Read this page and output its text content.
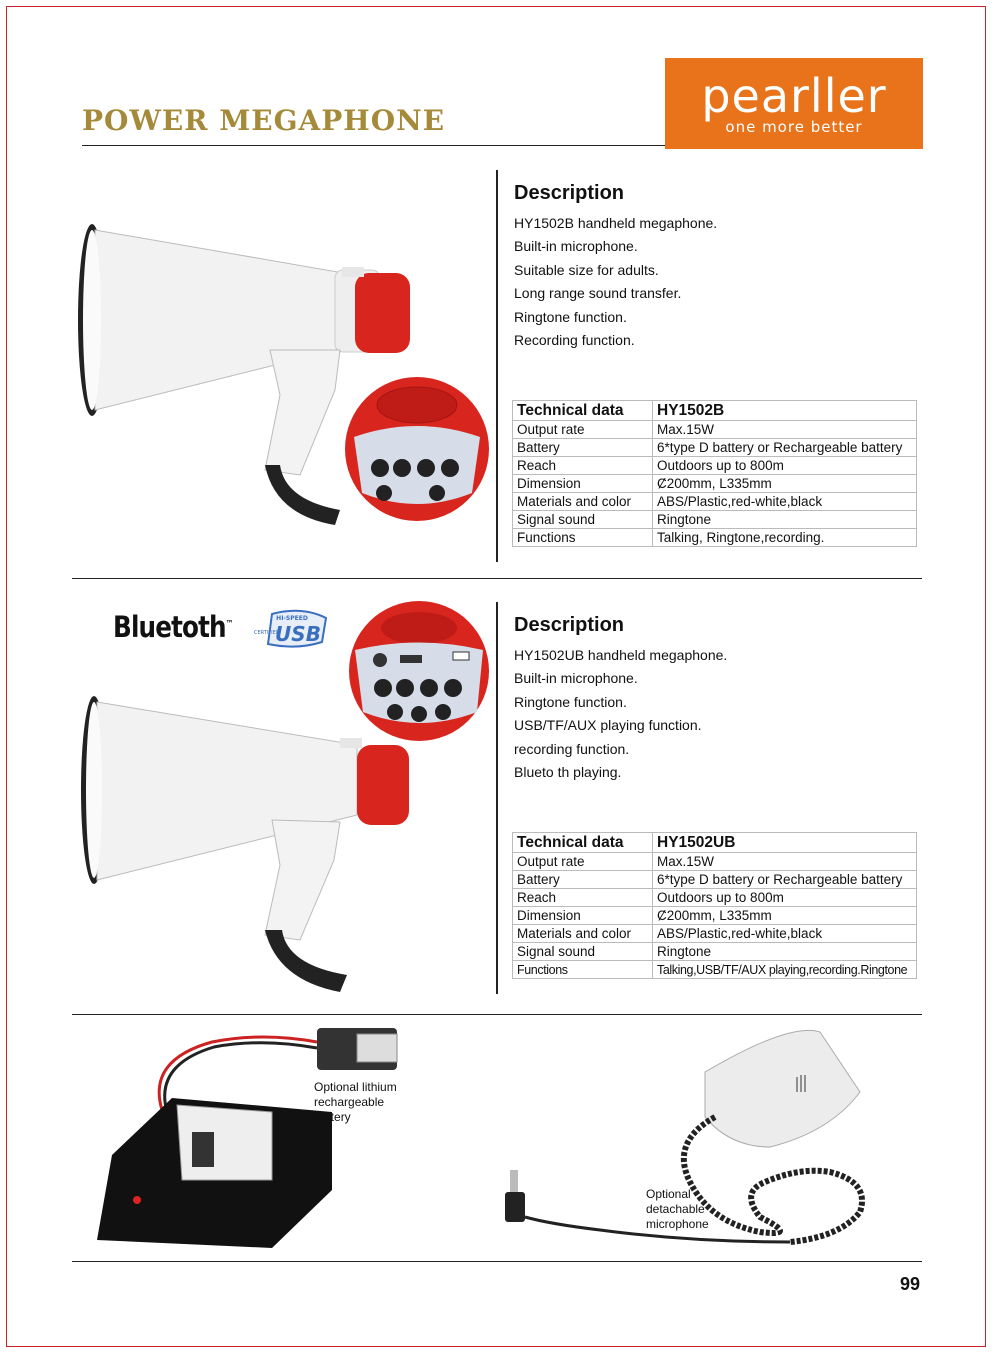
POWER MEGAPHONE	pearller
one more better
Description
HY1502B handheld megaphone.
Built-in microphone.
Suitable size for adults.
Long range sound transfer.
Ringtone function.
Recording function.
Technical data	HY1502B
Output rate	Max.15W
Battery	6*type D battery or Rechargeable battery
Reach	Outdoors up to 800m
Dimension	Ȼ200mm, L335mm
Materials and color	ABS/Plastic,red-white,black
Signal sound	Ringtone
Functions	Talking, Ringtone,recording.
Bluetoth™
HI-SPEED
CERTIFIED
USB	Description
HY1502UB handheld megaphone.
Built-in microphone.
Ringtone function.
USB/TF/AUX playing function.
recording function.
Blueto th playing.
Technical data	HY1502UB
Output rate	Max.15W
Battery	6*type D battery or Rechargeable battery
Reach	Outdoors up to 800m
Dimension	Ȼ200mm, L335mm
Materials and color	ABS/Plastic,red-white,black
Signal sound	Ringtone
Functions	Talking,USB/TF/AUX playing,recording.Ringtone
Optional lithium
rechargeable
battery
Optional
detachable
microphone
99
